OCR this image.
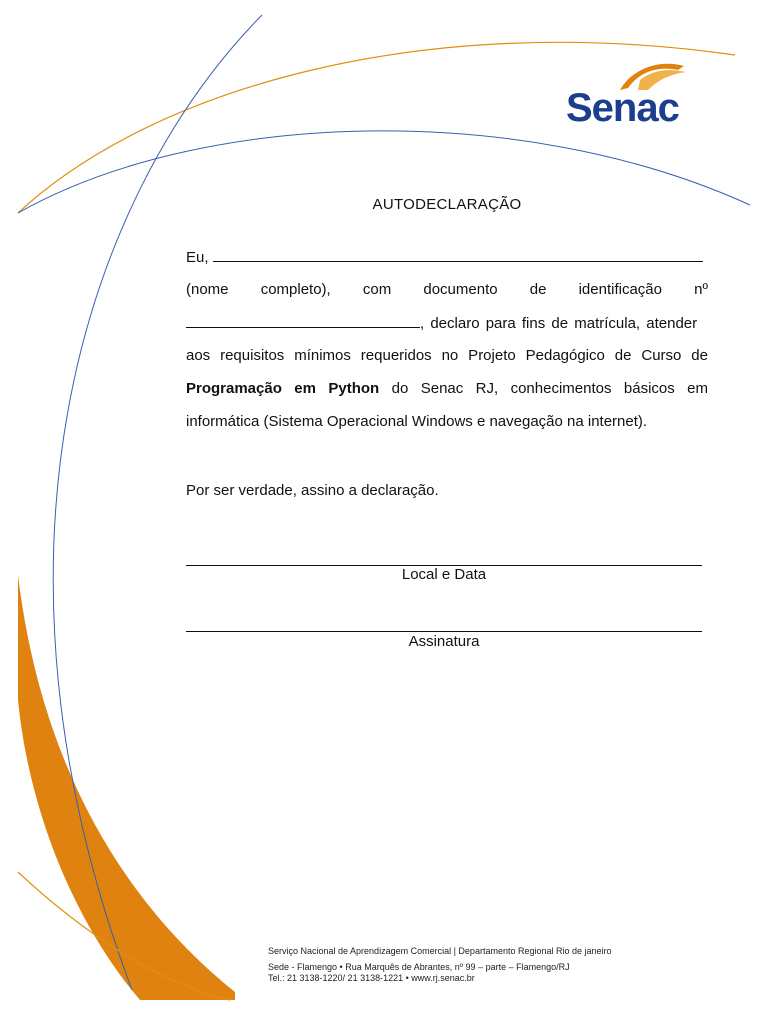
Senac
AUTODECLARAÇÃO
Eu,
(nome completo), com documento de identificação nº
, declaro para fins de matrícula, atender
aos requisitos mínimos requeridos no Projeto Pedagógico de Curso de
Programação em Python do Senac RJ, conhecimentos básicos em
informática (Sistema Operacional Windows e navegação na internet).
Por ser verdade, assino a declaração.
Local e Data
Assinatura
Serviço Nacional de Aprendizagem Comercial | Departamento Regional Rio de janeiro
Sede - Flamengo • Rua Marquês de Abrantes, nº 99 – parte – Flamengo/RJ
Tel.: 21 3138-1220/ 21 3138-1221 • www.rj.senac.br
